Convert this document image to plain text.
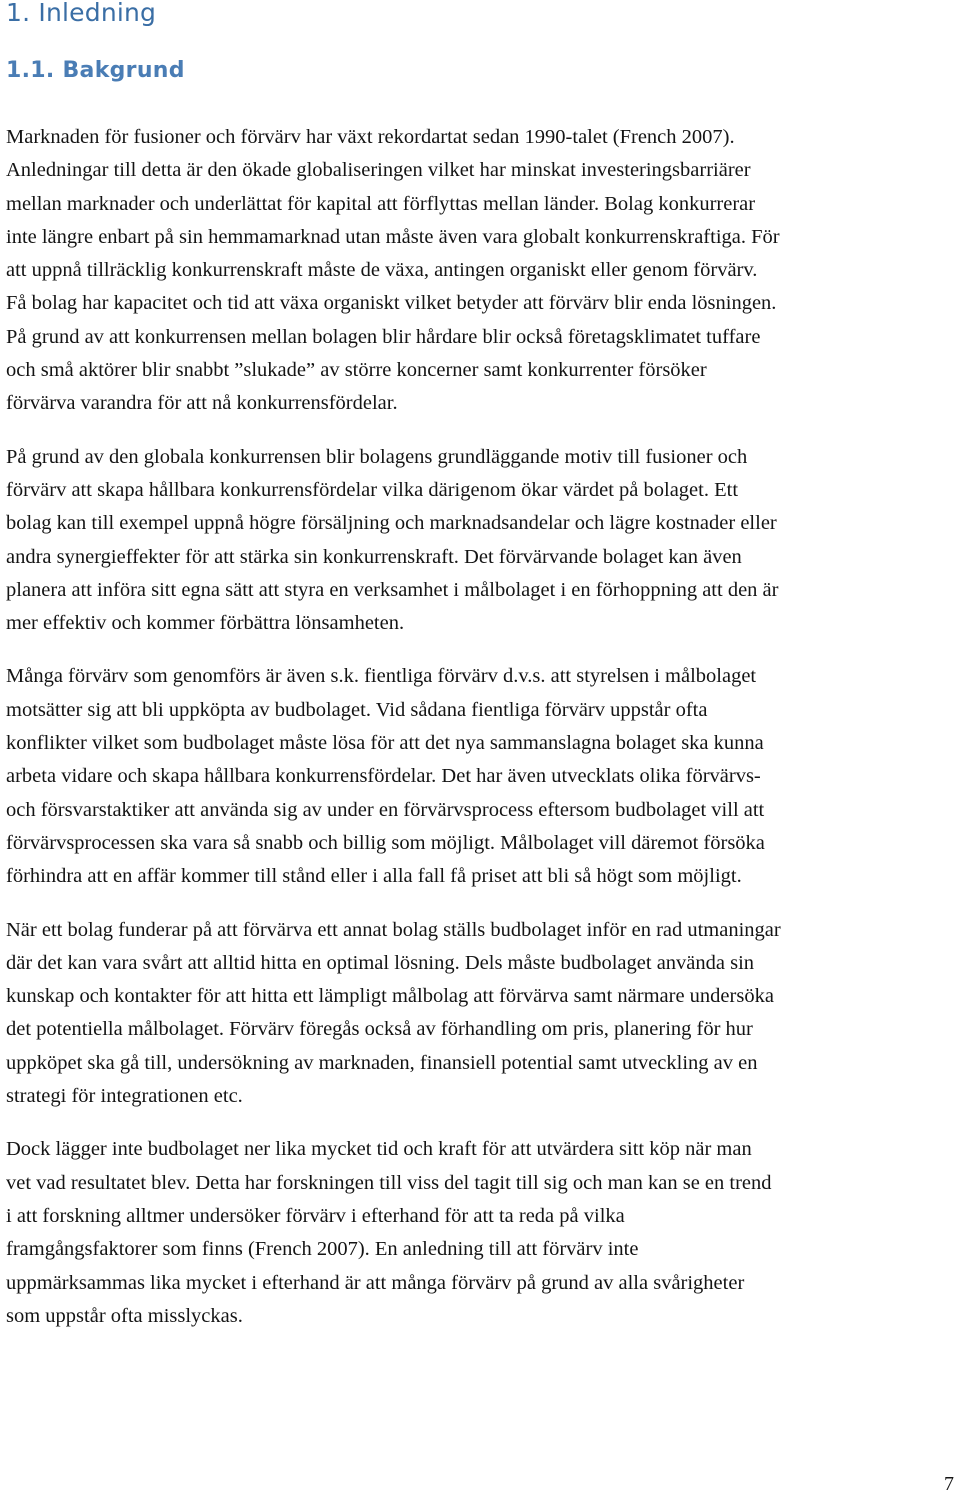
1. Inledning
1.1. Bakgrund

Marknaden för fusioner och förvärv har växt rekordartat sedan 1990-talet (French 2007).
Anledningar till detta är den ökade globaliseringen vilket har minskat investeringsbarriärer
mellan marknader och underlättat för kapital att förflyttas mellan länder. Bolag konkurrerar
inte längre enbart på sin hemmamarknad utan måste även vara globalt konkurrenskraftiga. För
att uppnå tillräcklig konkurrenskraft måste de växa, antingen organiskt eller genom förvärv.
Få bolag har kapacitet och tid att växa organiskt vilket betyder att förvärv blir enda lösningen.
På grund av att konkurrensen mellan bolagen blir hårdare blir också företagsklimatet tuffare
och små aktörer blir snabbt ”slukade” av större koncerner samt konkurrenter försöker
förvärva varandra för att nå konkurrensfördelar.

På grund av den globala konkurrensen blir bolagens grundläggande motiv till fusioner och
förvärv att skapa hållbara konkurrensfördelar vilka därigenom ökar värdet på bolaget. Ett
bolag kan till exempel uppnå högre försäljning och marknadsandelar och lägre kostnader eller
andra synergieffekter för att stärka sin konkurrenskraft. Det förvärvande bolaget kan även
planera att införa sitt egna sätt att styra en verksamhet i målbolaget i en förhoppning att den är
mer effektiv och kommer förbättra lönsamheten.

Många förvärv som genomförs är även s.k. fientliga förvärv d.v.s. att styrelsen i målbolaget
motsätter sig att bli uppköpta av budbolaget. Vid sådana fientliga förvärv uppstår ofta
konflikter vilket som budbolaget måste lösa för att det nya sammanslagna bolaget ska kunna
arbeta vidare och skapa hållbara konkurrensfördelar. Det har även utvecklats olika förvärvs-
och försvarstaktiker att använda sig av under en förvärvsprocess eftersom budbolaget vill att
förvärvsprocessen ska vara så snabb och billig som möjligt. Målbolaget vill däremot försöka
förhindra att en affär kommer till stånd eller i alla fall få priset att bli så högt som möjligt.

När ett bolag funderar på att förvärva ett annat bolag ställs budbolaget inför en rad utmaningar
där det kan vara svårt att alltid hitta en optimal lösning. Dels måste budbolaget använda sin
kunskap och kontakter för att hitta ett lämpligt målbolag att förvärva samt närmare undersöka
det potentiella målbolaget. Förvärv föregås också av förhandling om pris, planering för hur
uppköpet ska gå till, undersökning av marknaden, finansiell potential samt utveckling av en
strategi för integrationen etc.

Dock lägger inte budbolaget ner lika mycket tid och kraft för att utvärdera sitt köp när man
vet vad resultatet blev. Detta har forskningen till viss del tagit till sig och man kan se en trend
i att forskning alltmer undersöker förvärv i efterhand för att ta reda på vilka
framgångsfaktorer som finns (French 2007). En anledning till att förvärv inte
uppmärksammas lika mycket i efterhand är att många förvärv på grund av alla svårigheter
som uppstår ofta misslyckas.

7
